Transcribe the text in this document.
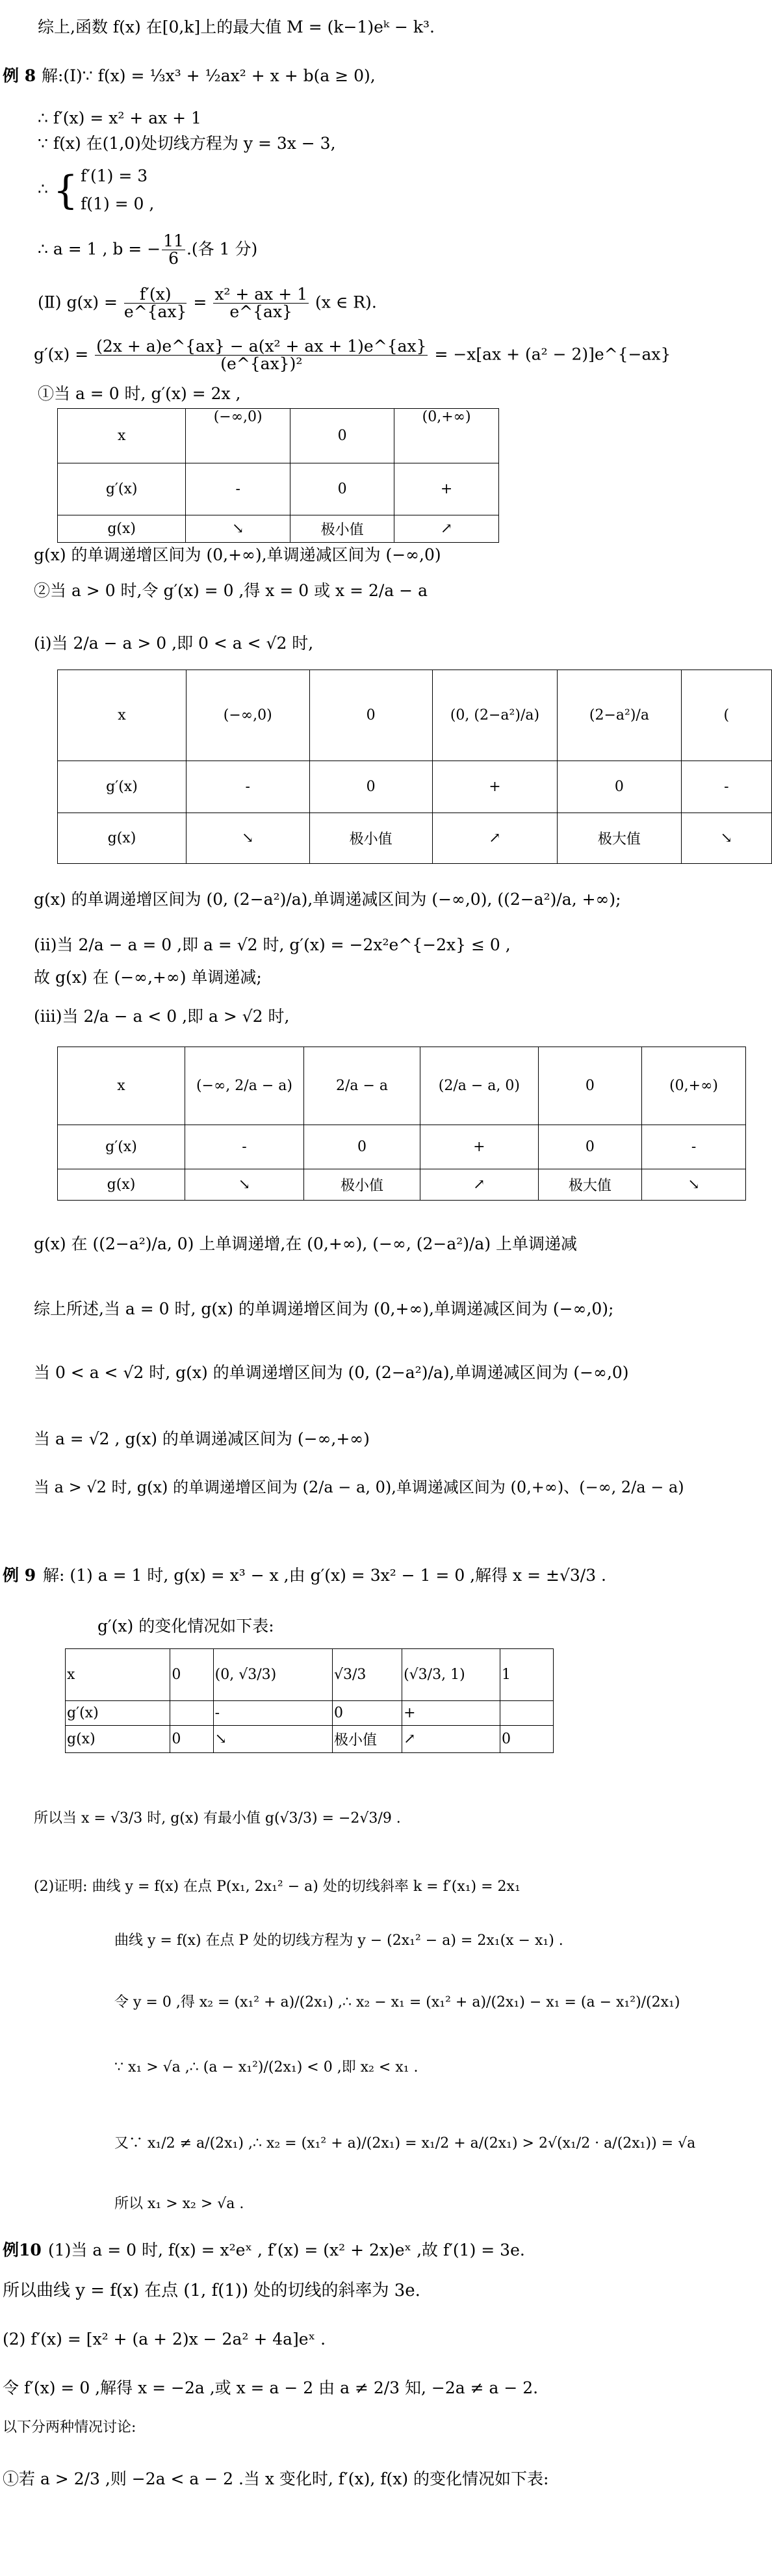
综上,函数 f(x) 在[0,k]上的最大值 M = (k−1)eᵏ − k³.
例 8 解:(Ⅰ)∵ f(x) = ⅓x³ + ½ax² + x + b(a ≥ 0),
∴ f′(x) = x² + ax + 1
∵ f(x) 在(1,0)处切线方程为 y = 3x − 3,
∴ { f′(1) = 3
f(1) = 0 ,
∴ a = 1 , b = − $\frac{11}{6}$ .(各 1 分)
(Ⅱ) $g(x) = \frac{f'(x)}{e\^{}\{ax\}} = \frac{\text{x² + ax + 1}}{e\^{}\{ax\}} (x$ ∈ R).
$g'(x) = \frac{\text{(2x + a)e\textasciicircum{}\{ax\} − a(x² + ax + 1)e\textasciicircum{}\{ax\}}}{\text{(e\textasciicircum{}\{ax\})²}} = -x[ax + (a^2$ − 2)]e^{−ax}
①当 a = 0 时, g′(x) = 2x ,
x	(−∞,0)	0	(0,+∞)
g′(x)	-	0	+
g(x)	↘	极小值	↗
g(x) 的单调递增区间为 (0,+∞),单调递减区间为 (−∞,0)
②当 a > 0 时,令 g′(x) = 0 ,得 x = 0 或 x = 2/a − a
(ⅰ)当 2/a − a > 0 ,即 0 < a < √2 时,
x	(−∞,0)	0	(0, (2−a²)/a)	(2−a²)/a	(
g′(x)	-	0	+	0	-
g(x)	↘	极小值	↗	极大值	↘
g(x) 的单调递增区间为 (0, (2−a²)/a),单调递减区间为 (−∞,0), ((2−a²)/a, +∞);
(ⅱ)当 2/a − a = 0 ,即 a = √2 时, g′(x) = −2x²e^{−2x} ≤ 0 ,
故 g(x) 在 (−∞,+∞) 单调递减;
(ⅲ)当 2/a − a < 0 ,即 a > √2 时,
x	(−∞, 2/a − a)	2/a − a	(2/a − a, 0)	0	(0,+∞)
g′(x)	-	0	+	0	-
g(x)	↘	极小值	↗	极大值	↘
g(x) 在 ((2−a²)/a, 0) 上单调递增,在 (0,+∞), (−∞, (2−a²)/a) 上单调递减
综上所述,当 a = 0 时, g(x) 的单调递增区间为 (0,+∞),单调递减区间为 (−∞,0);
当 0 < a < √2 时, g(x) 的单调递增区间为 (0, (2−a²)/a),单调递减区间为 (−∞,0)
当 a = √2 , g(x) 的单调递减区间为 (−∞,+∞)
当 a > √2 时, g(x) 的单调递增区间为 (2/a − a, 0),单调递减区间为 (0,+∞)、(−∞, 2/a − a)
例 9 解: (1) a = 1 时, g(x) = x³ − x ,由 g′(x) = 3x² − 1 = 0 ,解得 x = ±√3/3 .
g′(x) 的变化情况如下表:
x	0	(0, √3/3)	√3/3	(√3/3, 1)	1
g′(x)		-	0	+	
g(x)	0	↘	极小值	↗	0
所以当 x = √3/3 时, g(x) 有最小值 g(√3/3) = −2√3/9 .
(2)证明: 曲线 y = f(x) 在点 P(x₁, 2x₁² − a) 处的切线斜率 k = f′(x₁) = 2x₁
曲线 y = f(x) 在点 P 处的切线方程为 y − (2x₁² − a) = 2x₁(x − x₁) .
令 y = 0 ,得 x₂ = (x₁² + a)/(2x₁) ,∴ x₂ − x₁ = (x₁² + a)/(2x₁) − x₁ = (a − x₁²)/(2x₁)
∵ x₁ > √a ,∴ (a − x₁²)/(2x₁) < 0 ,即 x₂ < x₁ .
又∵ x₁/2 ≠ a/(2x₁) ,∴ x₂ = (x₁² + a)/(2x₁) = x₁/2 + a/(2x₁) > 2√(x₁/2 · a/(2x₁)) = √a
所以 x₁ > x₂ > √a .
例10 (1)当 a = 0 时, f(x) = x²eˣ , f′(x) = (x² + 2x)eˣ ,故 f′(1) = 3e.
所以曲线 y = f(x) 在点 (1, f(1)) 处的切线的斜率为 3e.
(2) f′(x) = [x² + (a + 2)x − 2a² + 4a]eˣ .
令 f′(x) = 0 ,解得 x = −2a ,或 x = a − 2 由 a ≠ 2/3 知, −2a ≠ a − 2.
以下分两种情况讨论:
①若 a > 2/3 ,则 −2a < a − 2 .当 x 变化时, f′(x), f(x) 的变化情况如下表:
